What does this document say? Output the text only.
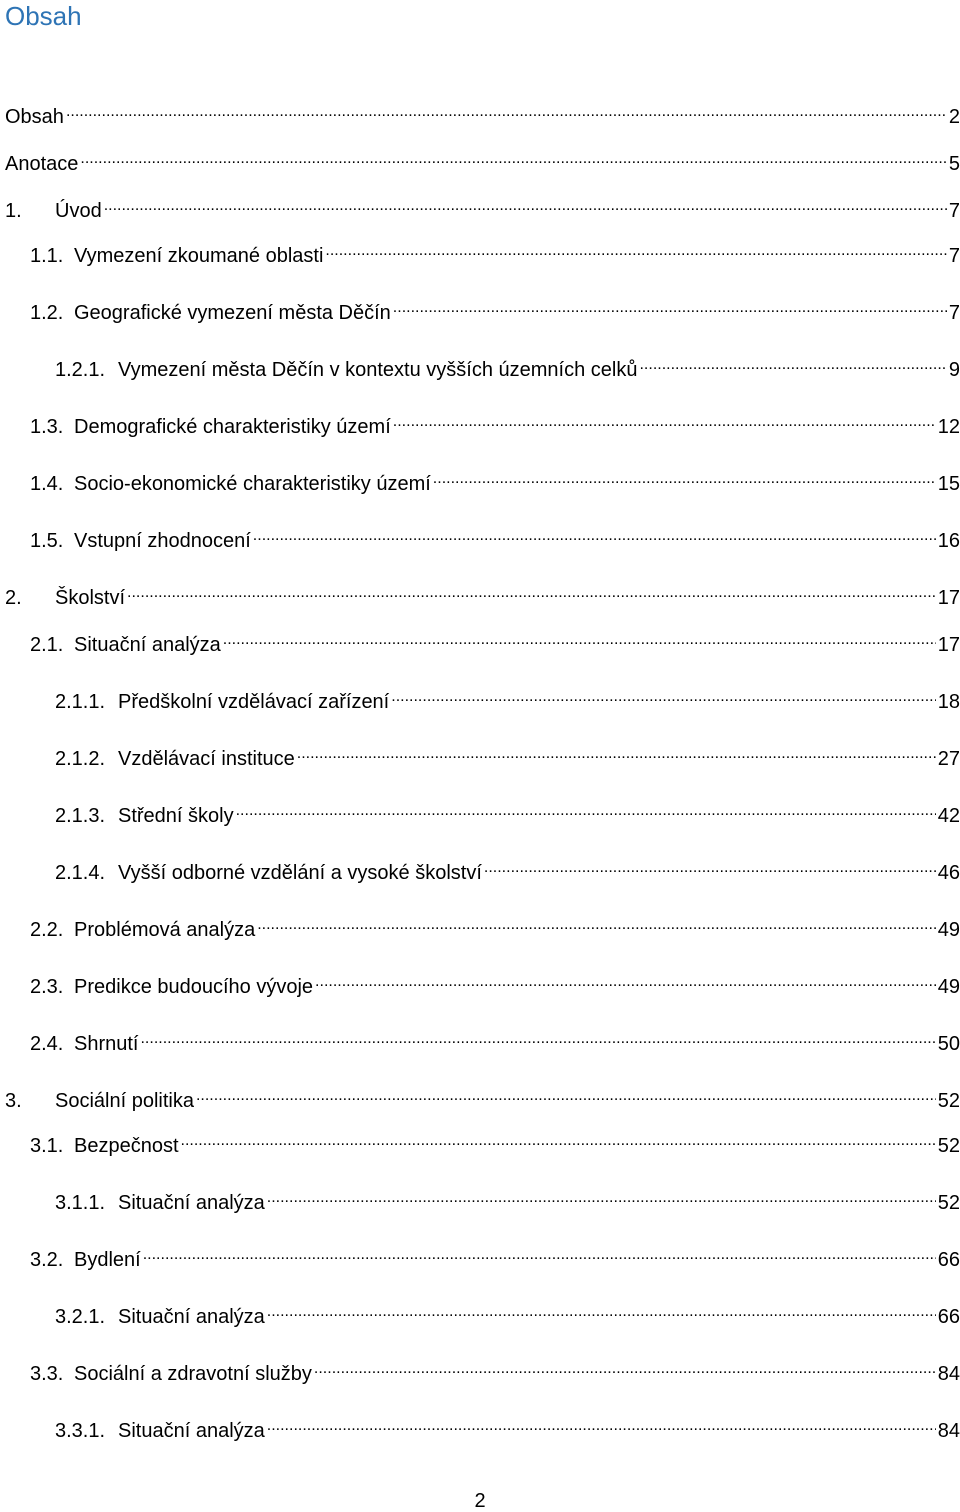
Obsah
Obsah .....	2
Anotace .....	5
1.	Úvod .....	7
1.1. Vymezení zkoumané oblasti .....	7
1.2. Geografické vymezení města Děčín .....	7
1.2.1. Vymezení města Děčín v kontextu vyšších územních celků .....	9
1.3. Demografické charakteristiky území .....	12
1.4. Socio-ekonomické charakteristiky území .....	15
1.5. Vstupní zhodnocení .....	16
2.	Školství .....	17
2.1. Situační analýza .....	17
2.1.1. Předškolní vzdělávací zařízení .....	18
2.1.2. Vzdělávací instituce .....	27
2.1.3. Střední školy .....	42
2.1.4. Vyšší odborné vzdělání a vysoké školství .....	46
2.2. Problémová analýza .....	49
2.3. Predikce budoucího vývoje .....	49
2.4. Shrnutí .....	50
3.	Sociální politika .....	52
3.1. Bezpečnost .....	52
3.1.1. Situační analýza .....	52
3.2. Bydlení .....	66
3.2.1. Situační analýza .....	66
3.3. Sociální a zdravotní služby .....	84
3.3.1. Situační analýza .....	84
2
